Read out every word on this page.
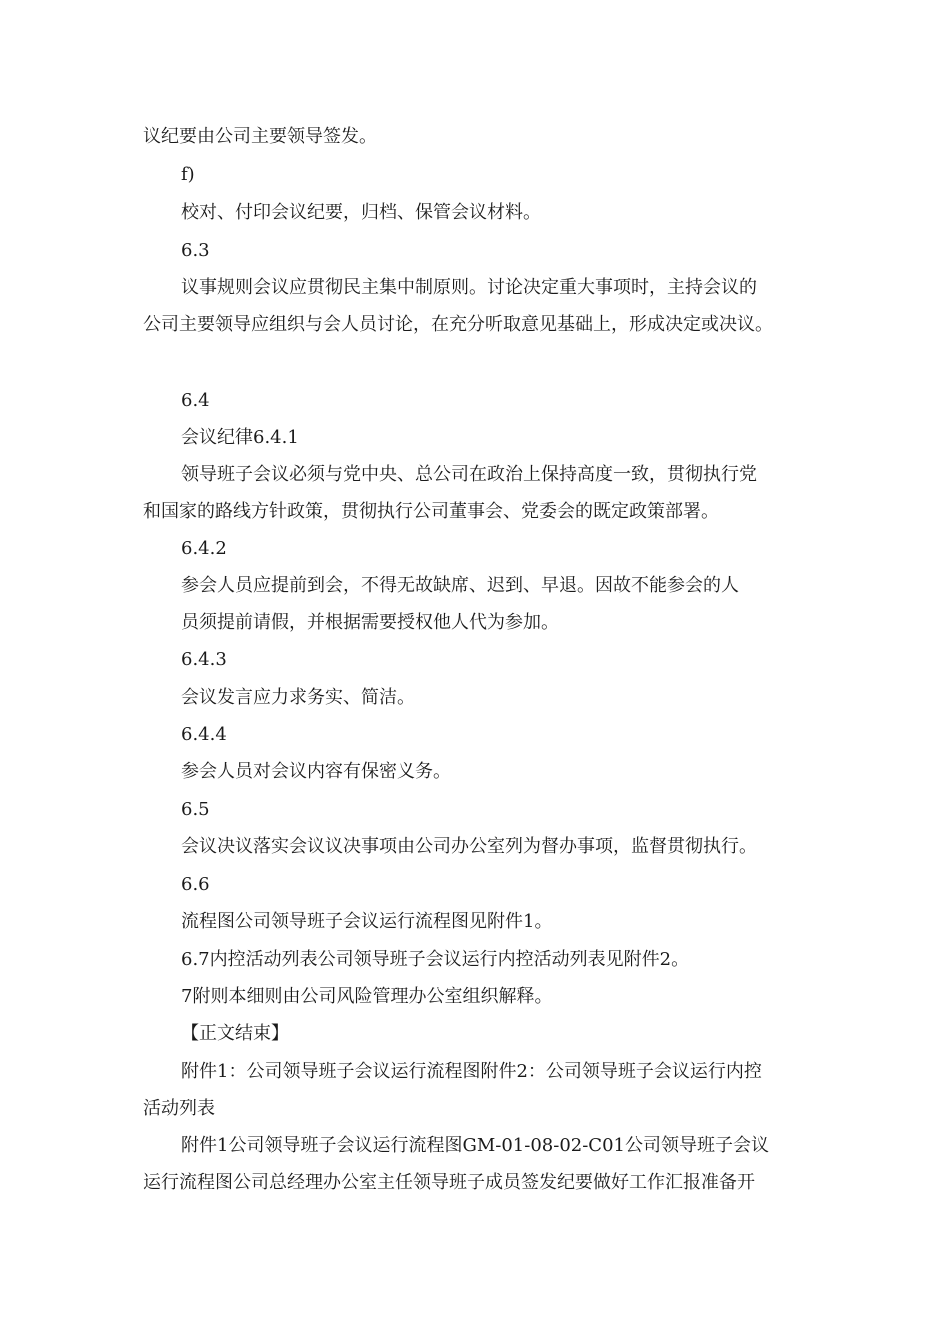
议纪要由公司主要领导签发。
f)
校对、付印会议纪要，归档、保管会议材料。
6.3
议事规则会议应贯彻民主集中制原则。讨论决定重大事项时，主持会议的
公司主要领导应组织与会人员讨论，在充分听取意见基础上，形成决定或决议。
6.4
会议纪律6.4.1
领导班子会议必须与党中央、总公司在政治上保持高度一致，贯彻执行党
和国家的路线方针政策，贯彻执行公司董事会、党委会的既定政策部署。
6.4.2
参会人员应提前到会，不得无故缺席、迟到、早退。因故不能参会的人
员须提前请假，并根据需要授权他人代为参加。
6.4.3
会议发言应力求务实、简洁。
6.4.4
参会人员对会议内容有保密义务。
6.5
会议决议落实会议议决事项由公司办公室列为督办事项，监督贯彻执行。
6.6
流程图公司领导班子会议运行流程图见附件1。
6.7内控活动列表公司领导班子会议运行内控活动列表见附件2。
7附则本细则由公司风险管理办公室组织解释。
【正文结束】
附件1：公司领导班子会议运行流程图附件2：公司领导班子会议运行内控
活动列表
附件1公司领导班子会议运行流程图GM-01-08-02-C01公司领导班子会议
运行流程图公司总经理办公室主任领导班子成员签发纪要做好工作汇报准备开
